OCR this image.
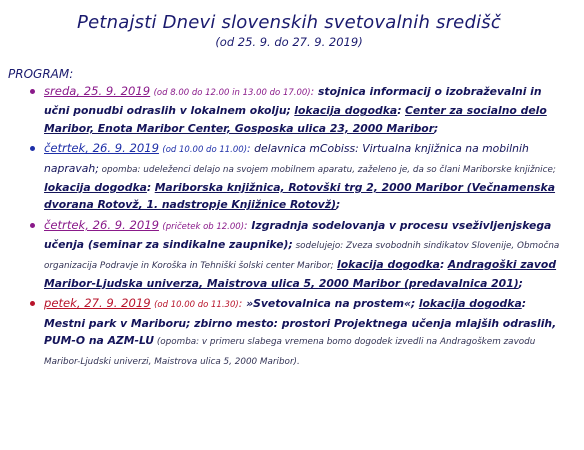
Petnajsti Dnevi slovenskih svetovalnih središč
(od 25. 9. do 27. 9. 2019)
PROGRAM:
sreda, 25. 9. 2019 (od 8.00 do 12.00 in 13.00 do 17.00): stojnica informacij o izobraževalni in učni ponudbi odraslih v lokalnem okolju; lokacija dogodka: Center za socialno delo Maribor, Enota Maribor Center, Gosposka ulica 23, 2000 Maribor;
četrtek, 26. 9. 2019 (od 10.00 do 11.00): delavnica mCobiss: Virtualna knjižnica na mobilnih napravah; opomba: udeleženci delajo na svojem mobilnem aparatu, zaželeno je, da so člani Mariborske knjižnice; lokacija dogodka: Mariborska knjižnica, Rotovški trg 2, 2000 Maribor (Večnamenska dvorana Rotovž, 1. nadstropje Knjižnice Rotovž);
četrtek, 26. 9. 2019 (pričetek ob 12.00): Izgradnja sodelovanja v procesu vseživljenjskega učenja (seminar za sindikalne zaupnike); sodelujejo: Zveza svobodnih sindikatov Slovenije, Območna organizacija Podravje in Koroška in Tehniški šolski center Maribor; lokacija dogodka: Andragoški zavod Maribor-Ljudska univerza, Maistrova ulica 5, 2000 Maribor (predavalnica 201);
petek, 27. 9. 2019 (od 10.00 do 11.30): »Svetovalnica na prostem«; lokacija dogodka: Mestni park v Mariboru; zbirno mesto: prostori Projektnega učenja mlajših odraslih, PUM-O na AZM-LU (opomba: v primeru slabega vremena bomo dogodek izvedli na Andragoškem zavodu Maribor-Ljudski univerzi, Maistrova ulica 5, 2000 Maribor).
